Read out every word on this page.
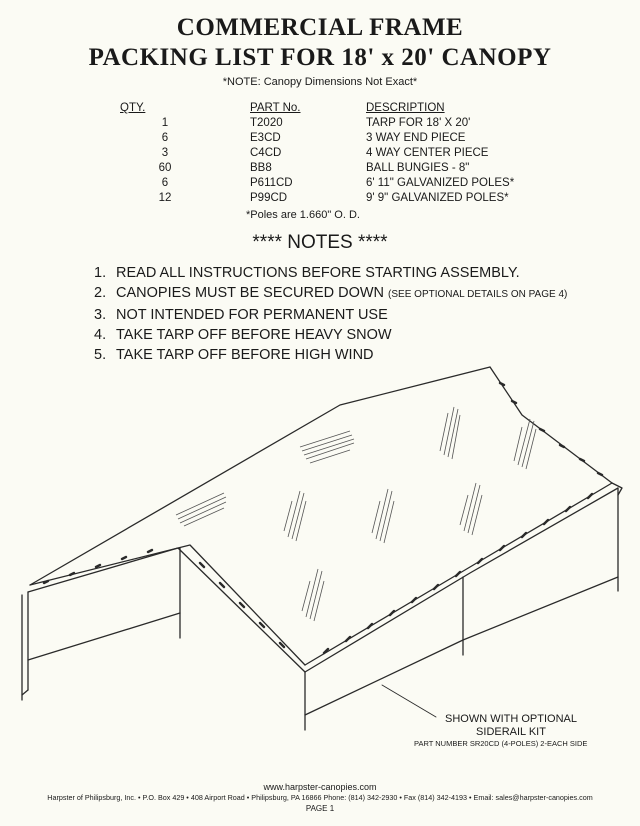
COMMERCIAL FRAME
PACKING LIST FOR 18' x 20' CANOPY
*NOTE: Canopy Dimensions Not Exact*
QTY.	PART No.	DESCRIPTION
1	T2020	TARP FOR 18' X 20'
6	E3CD	3 WAY END PIECE
3	C4CD	4 WAY CENTER PIECE
60	BB8	BALL BUNGIES - 8"
6	P611CD	6' 11" GALVANIZED POLES*
12	P99CD	9' 9" GALVANIZED POLES*
*Poles are 1.660" O. D.
**** NOTES ****
1. READ ALL INSTRUCTIONS BEFORE STARTING ASSEMBLY.
2. CANOPIES MUST BE SECURED DOWN (SEE OPTIONAL DETAILS ON PAGE 4)
3. NOT INTENDED FOR PERMANENT USE
4. TAKE TARP OFF BEFORE HEAVY SNOW
5. TAKE TARP OFF BEFORE HIGH WIND
SHOWN WITH OPTIONAL
SIDERAIL KIT
PART NUMBER SR20CD (4-POLES) 2-EACH SIDE
www.harpster-canopies.com
Harpster of Philipsburg, Inc. • P.O. Box 429 • 408 Airport Road • Philipsburg, PA 16866 Phone: (814) 342-2930 • Fax (814) 342-4193 • Email: sales@harpster-canopies.com
PAGE 1
